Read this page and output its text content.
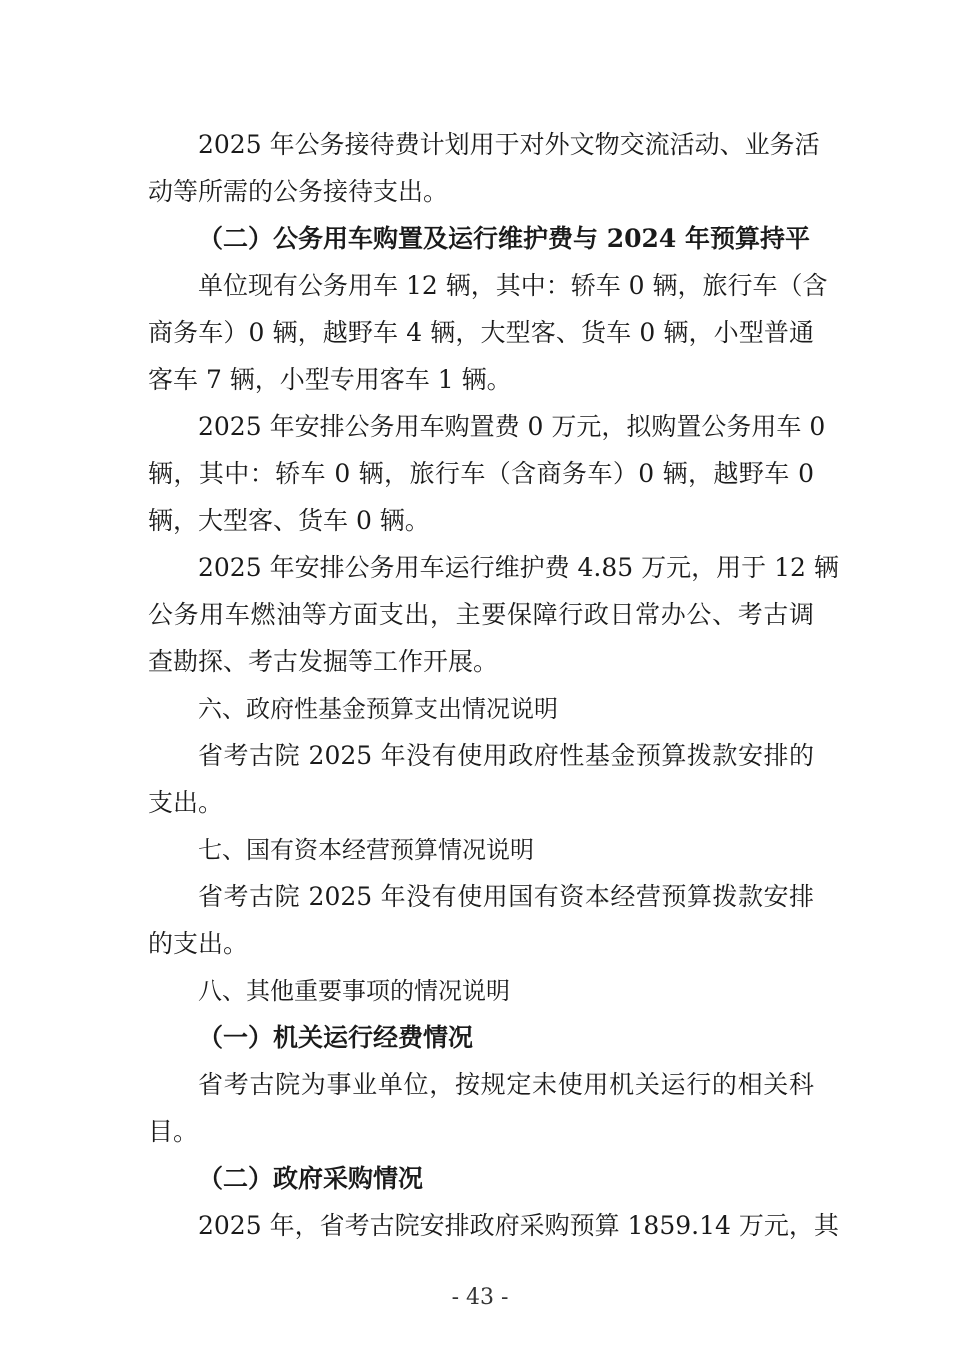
2025 年公务接待费计划用于对外文物交流活动、业务活
动等所需的公务接待支出。
（二）公务用车购置及运行维护费与 2024 年预算持平
单位现有公务用车 12 辆，其中：轿车 0 辆，旅行车（含
商务车）0 辆，越野车 4 辆，大型客、货车 0 辆，小型普通
客车 7 辆，小型专用客车 1 辆。
2025 年安排公务用车购置费 0 万元，拟购置公务用车 0
辆，其中：轿车 0 辆，旅行车（含商务车）0 辆，越野车 0
辆，大型客、货车 0 辆。
2025 年安排公务用车运行维护费 4.85 万元，用于 12 辆
公务用车燃油等方面支出，主要保障行政日常办公、考古调
查勘探、考古发掘等工作开展。
六、政府性基金预算支出情况说明
省考古院 2025 年没有使用政府性基金预算拨款安排的
支出。
七、国有资本经营预算情况说明
省考古院 2025 年没有使用国有资本经营预算拨款安排
的支出。
八、其他重要事项的情况说明
（一）机关运行经费情况
省考古院为事业单位，按规定未使用机关运行的相关科
目。
（二）政府采购情况
2025 年，省考古院安排政府采购预算 1859.14 万元，其
- 43 -
